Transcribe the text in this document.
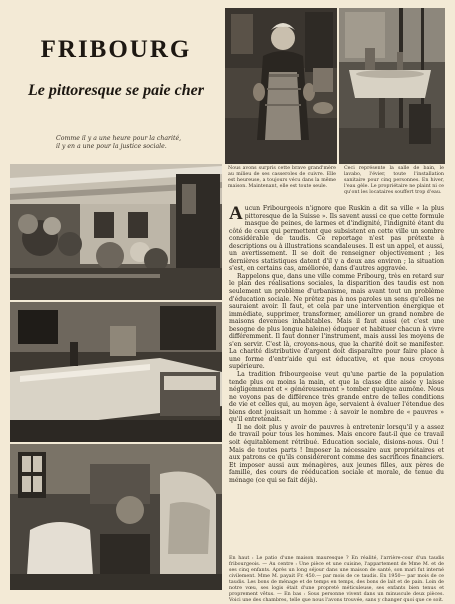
FRIBOURG
Le pittoresque se paie cher
Comme il y a une heure pour la charité,
il y en a une pour la justice sociale.
Nous avons surpris cette brave grand'mère au milieu de ses casseroles de cuivre. Elle est heureuse, a toujours vécu dans la même maison. Maintenant, elle est toute seule.
Ceci représente la salle de bain, le lavabo, l'évier, toute l'installation sanitaire pour cinq personnes. En hiver, l'eau gèle. Le propriétaire ne plaint ni ce qu'ont les locataires souffert trop d'eau.

Aucun Fribourgeois n'ignore que Ruskin a dit sa ville « la plus pittoresque de la Suisse ». Ils savent aussi ce que cette formule masque de peines, de larmes et d'indignité, l'indignité étant du côté de ceux qui permettent que subsistent en cette ville un sombre considérable de taudis. Ce reportage n'est pas prétexte à descriptions ou à illustrations scandaleuses. Il est un appel, et aussi, un avertissement. Il se doit de renseigner objectivement ; les dernières statistiques datent d'il y a deux ans environ ; la situation s'est, en certains cas, améliorée, dans d'autres aggravée.

Rappelons que, dans une ville comme Fribourg, très en retard sur le plan des réalisations sociales, la disparition des taudis est non seulement un problème d'urbanisme, mais avant tout un problème d'éducation sociale. Ne prêtez pas à nos paroles un sens qu'elles ne sauraient avoir. Il faut, et cela par une intervention énergique et immédiate, supprimer, transformer, améliorer un grand nombre de maisons devenues inhabitables. Mais il faut aussi (et c'est une besogne de plus longue haleine) éduquer et habituer chacun à vivre différemment. Il faut donner l'instrument, mais aussi les moyens de s'en servir. C'est là, croyons-nous, que la charité doit se manifester. La charité distributive d'argent doit disparaître pour faire place à une forme d'entr'aide qui est éducative, et que nous croyons supérieure.

La tradition fribourgeoise veut qu'une partie de la population tende plus ou moins la main, et que la classe dite aisée y laisse négligemment et « généreusement » tomber quelque aumône. Nous ne voyons pas de différence très grande entre de telles conditions de vie et celles qui, au moyen âge, servaient à évaluer l'étendue des biens dont jouissait un homme : à savoir le nombre de « pauvres » qu'il entretenait.

Il ne doit plus y avoir de pauvres à entretenir lorsqu'il y a assez de travail pour tous les hommes. Mais encore faut-il que ce travail soit équitablement rétribué. Education sociale, disions-nous. Oui ! Mais de toutes parts ! Imposer la nécessaire aux propriétaires et aux patrons ce qu'ils considéreront comme des sacrifices financiers. Et imposer aussi aux ménagères, aux jeunes filles, aux pères de famille, des cours de rééducation sociale et morale, de tenue du ménage (ce qui se fait déjà).

En haut : Le patio d'une maison mauresque ? En réalité, l'arrière-cour d'un taudis fribourgeois. — Au centre : Une pièce et une cuisine, l'appartement de Mme M. et de ses cinq enfants. Après un long séjour dans une maison de santé, son mari fut interné civilement. Mme M. payait Fr. 450.— par mois de ce taudis. En 1950— par mois de ce taudis. Les bons de ménage et de temps en temps, des bons de lait et de pain. Loin de notre vœu, ses logis était d'une propreté méticuleuse, ses enfants bien tenus et proprement vêtus. — En bas : Sous personne vivent dans un minuscule deux pièces. Voici une des chambres, telle que nous l'avons trouvée, sans y changer quoi que ce soit.
